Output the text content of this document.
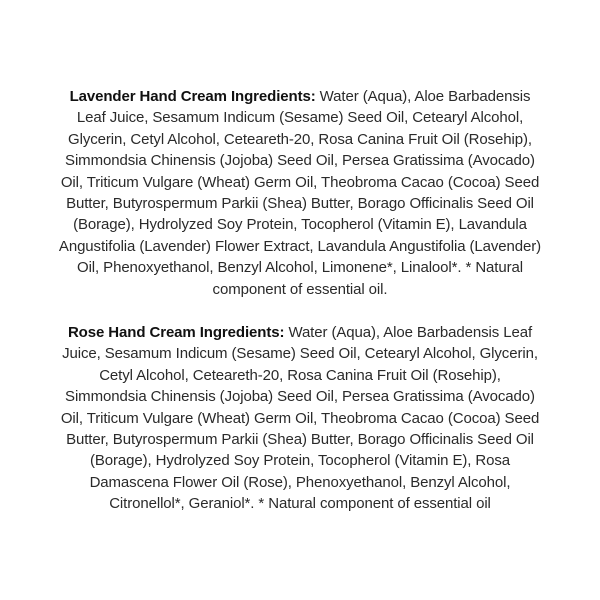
Lavender Hand Cream Ingredients: Water (Aqua), Aloe Barbadensis Leaf Juice, Sesamum Indicum (Sesame) Seed Oil, Cetearyl Alcohol, Glycerin, Cetyl Alcohol, Ceteareth-20, Rosa Canina Fruit Oil (Rosehip), Simmondsia Chinensis (Jojoba) Seed Oil, Persea Gratissima (Avocado) Oil, Triticum Vulgare (Wheat) Germ Oil, Theobroma Cacao (Cocoa) Seed Butter, Butyrospermum Parkii (Shea) Butter, Borago Officinalis Seed Oil (Borage), Hydrolyzed Soy Protein, Tocopherol (Vitamin E), Lavandula Angustifolia (Lavender) Flower Extract, Lavandula Angustifolia (Lavender) Oil, Phenoxyethanol, Benzyl Alcohol, Limonene*, Linalool*. * Natural component of essential oil.

Rose Hand Cream Ingredients: Water (Aqua), Aloe Barbadensis Leaf Juice, Sesamum Indicum (Sesame) Seed Oil, Cetearyl Alcohol, Glycerin, Cetyl Alcohol, Ceteareth-20, Rosa Canina Fruit Oil (Rosehip), Simmondsia Chinensis (Jojoba) Seed Oil, Persea Gratissima (Avocado) Oil, Triticum Vulgare (Wheat) Germ Oil, Theobroma Cacao (Cocoa) Seed Butter, Butyrospermum Parkii (Shea) Butter, Borago Officinalis Seed Oil (Borage), Hydrolyzed Soy Protein, Tocopherol (Vitamin E), Rosa Damascena Flower Oil (Rose), Phenoxyethanol, Benzyl Alcohol, Citronellol*, Geraniol*. * Natural component of essential oil
